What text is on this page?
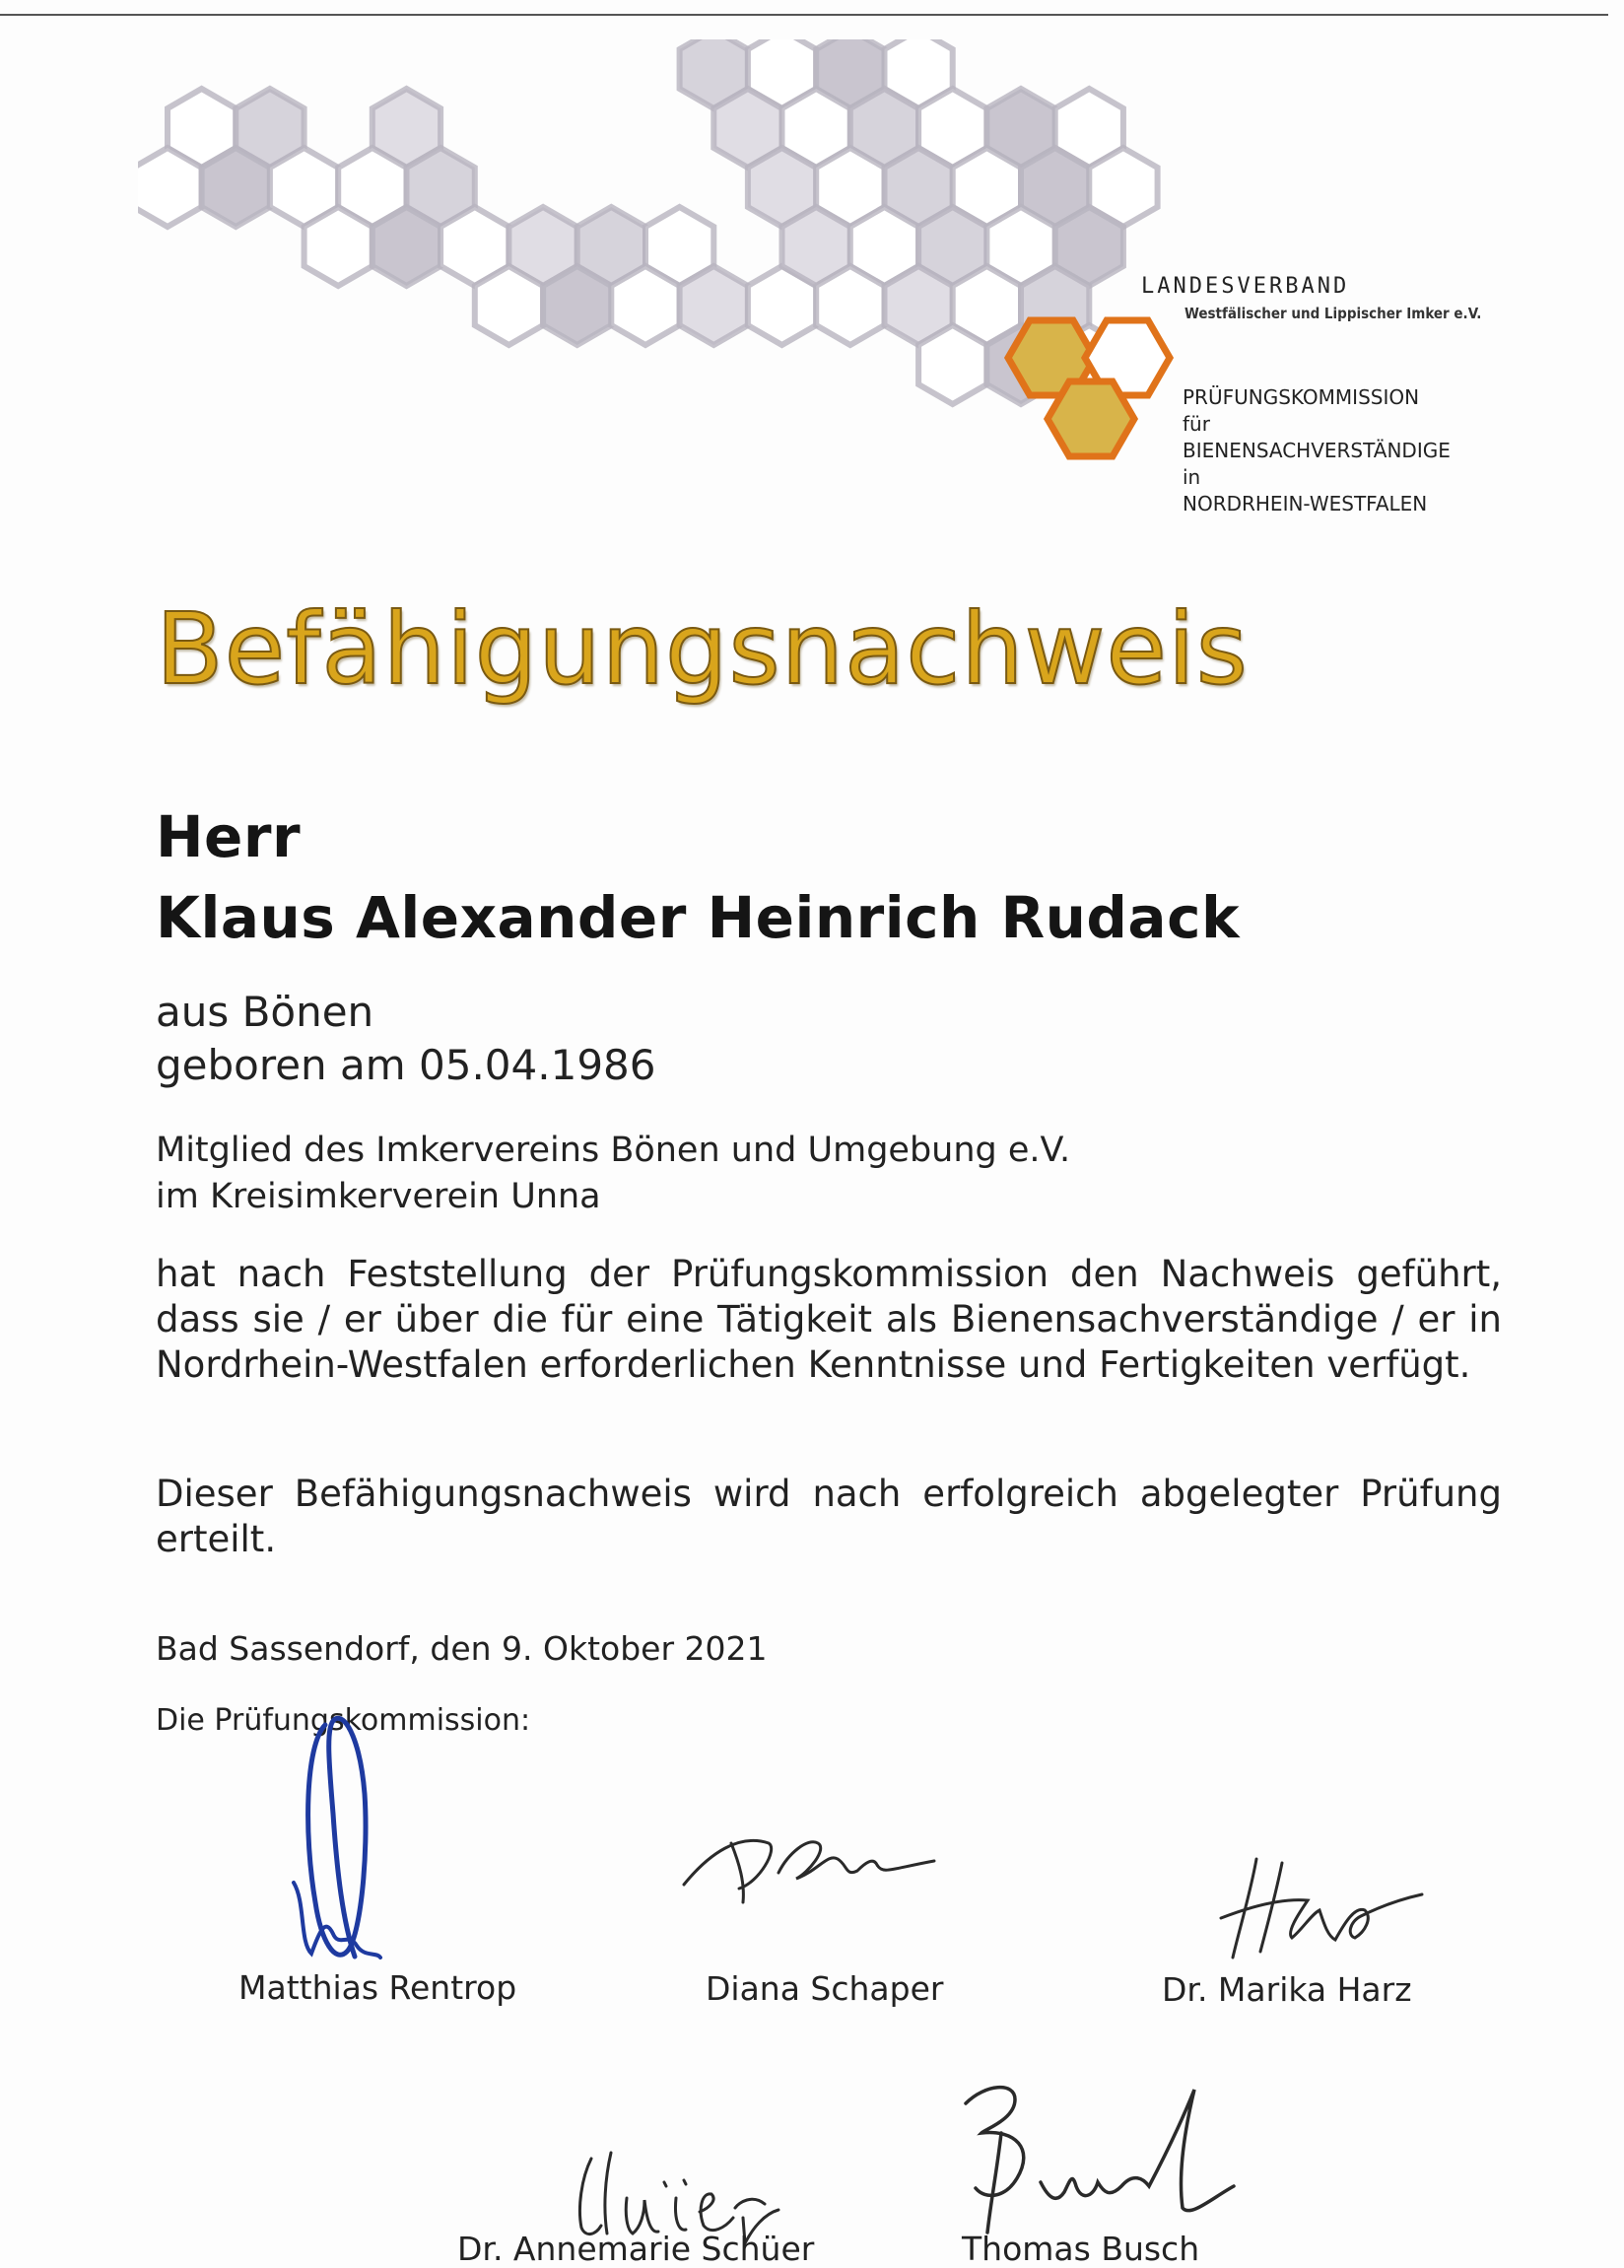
LANDESVERBAND
Westfälischer und Lippischer Imker e.V.
PRÜFUNGSKOMMISSION
für
BIENENSACHVERSTÄNDIGE
in
NORDRHEIN-WESTFALEN
Befähigungsnachweis
Herr
Klaus Alexander Heinrich Rudack
aus Bönen
geboren am 05.04.1986
Mitglied des Imkervereins Bönen und Umgebung e.V.
im Kreisimkerverein Unna
hat nach Feststellung der Prüfungskommission den Nachweis geführt, dass sie / er über die für eine Tätigkeit als Bienensachverständige / er in Nordrhein-Westfalen erforderlichen Kenntnisse und Fertigkeiten verfügt.
Dieser Befähigungsnachweis wird nach erfolgreich abgelegter Prüfung erteilt.
Bad Sassendorf, den 9. Oktober 2021
Die Prüfungskommission:
Matthias Rentrop	Diana Schaper	Dr. Marika Harz
Dr. Annemarie Schüer	Thomas Busch
